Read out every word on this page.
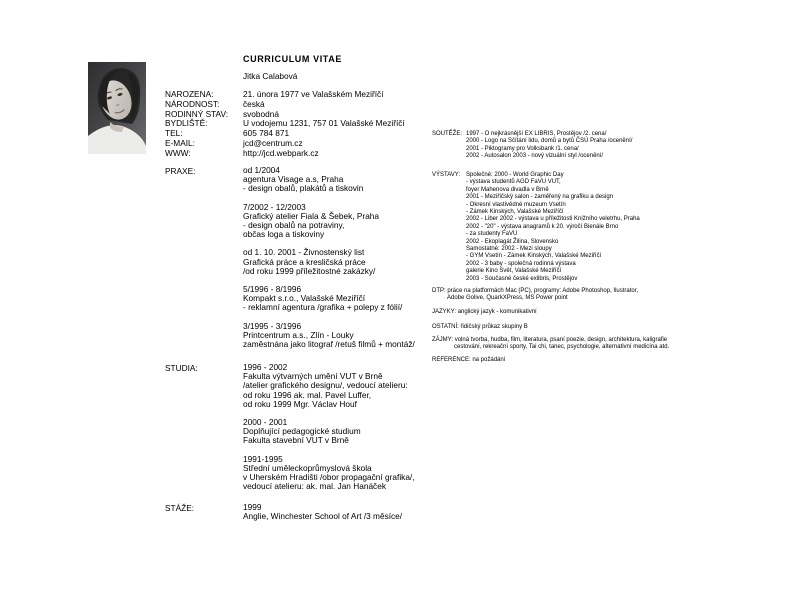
CURRICULUM VITAE
Jitka Calabová
NAROZENA:	21. února 1977 ve Valašském Meziříčí
NÁRODNOST:	česká
RODINNÝ STAV:	svobodná
BYDLIŠTĚ:	U vodojemu 1231, 757 01 Valašské Meziříčí
TEL:	605 784 871
E-MAIL:	jcd@centrum.cz
WWW:	http://jcd.webpark.cz
PRAXE:	od 1/2004
agentura Visage a.s, Praha
- design obalů, plakátů a tiskovin
7/2002 - 12/2003
Grafický atelier Fiala & Šebek, Praha
- design obalů na potraviny,
občas loga a tiskoviny
od 1. 10. 2001 - Živnostenský list
Grafická práce a kresličská práce
/od roku 1999 příležitostné zakázky/
5/1996 - 8/1996
Kompakt s.r.o., Valašské Meziříčí
- reklamní agentura /grafika + polepy z fólií/
3/1995 - 3/1996
Printcentrum a.s., Zlín - Louky
zaměstnána jako litograf /retuš filmů + montáž/
STUDIA:	1996 - 2002
Fakulta výtvarných umění VUT v Brně
/atelier grafického designu/, vedoucí atelieru:
od roku 1996 ak. mal. Pavel Luffer,
od roku 1999 Mgr. Václav Houf
2000 - 2001
Doplňující pedagogické studium
Fakulta stavební VUT v Brně
1991-1995
Střední uměleckoprůmyslová škola
v Uherském Hradišti /obor propagační grafika/,
vedoucí atelieru: ak. mal. Jan Hanáček
STÁŽE:	1999
Anglie, Winchester School of Art /3 měsíce/
SOUTĚŽE: 1997 - O nejkrásnější EX LIBRIS, Prostějov /2. cena/
2000 - Logo na Sčítání lidu, domů a bytů ČSÚ Praha /ocenění/
2001 - Piktogramy pro Volksbank /1. cena/
2002 - Autosalon 2003 - nový vizuální styl /ocenění/
VÝSTAVY: Společné: 2000 - World Graphic Day
- výstava studentů AGD FaVU VUT,
foyer Mahenova divadla v Brně
2001 - Meziříčský salon - zaměřený na grafiku a design
- Okresní vlastivědné muzeum Vsetín
- Zámek Kinských, Valašské Meziříčí
2002 - Liber 2002 - výstava u příležitosti Knižního veletrhu, Praha
2002 - "20" - výstava anagramů k 20. výročí Bienále Brno
- za studenty FaVU
2002 - Ekoplagát Žilina, Slovensko
Samostatné: 2002 - Mezi sloupy
- GYM Vsetín - Zámek Kinských, Valašské Meziříčí
2002 - 3 baby - společná rodinná výstava
galerie Kino Svět, Valašské Meziříčí
2003 - Současné české exlibris, Prostějov
DTP: práce na platformách Mac (PC), programy: Adobe Photoshop, Ilustrator,
Adobe Golive, QuarkXPress, MS Power point
JAZYKY: anglický jazyk - komunikativní
OSTATNÍ: řidičský průkaz skupiny B
ZÁJMY: volná tvorba, hudba, film, literatura, psaní poezie, design, architektura, kaligrafie
cestování, rekreační sporty, Tai chi, tanec, psychologie, alternativní medicína atd.
REFERENCE: na požádání
